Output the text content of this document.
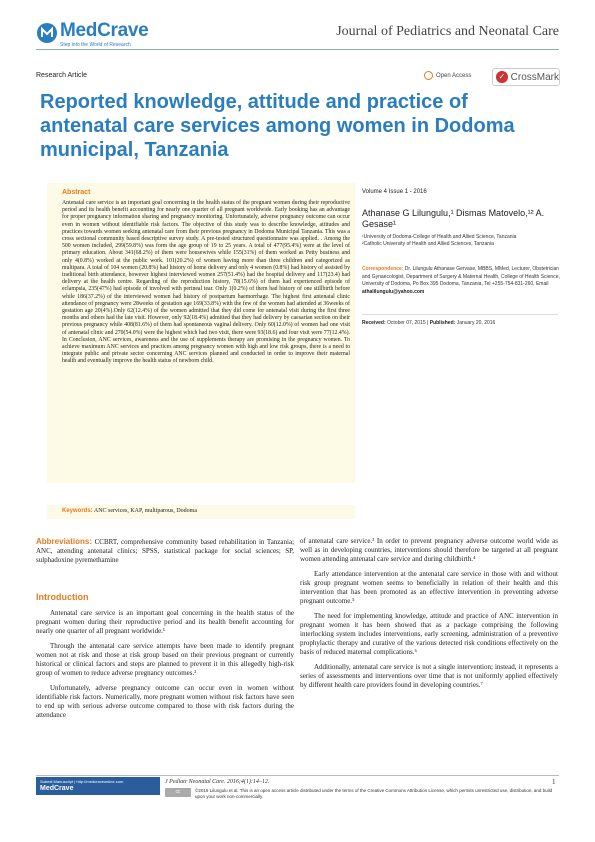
MedCrave
Step into the World of Research
Journal of Pediatrics and Neonatal Care
Research Article	Open Access	✓ CrossMark
Reported knowledge, attitude and practice of antenatal care services among women in Dodoma municipal, Tanzania
Abstract

Antenatal care service is an important goal concerning in the health status of the pregnant women during their reproductive period and its health benefit accounting for nearly one quarter of all pregnant worldwide. Early booking has an advantage for proper pregnancy information sharing and pregnancy monitoring. Unfortunately, adverse pregnancy outcome can occur even in women without identifiable risk factors. The objective of this study was to describe knowledge, attitudes and practices towards women seeking antenatal care from their previous pregnancy in Dodoma Municipal Tanzania. This was a cross sectional community based descriptive survey study. A pre-tested structured questionnaire was applied. . Among the 500 women included, 299(59.8%) was form the age group of 19 to 25 years. A total of 477(95.4%) were at the level of primary education. About 341(68.2%) of them were housewives while 155(31%) of them worked as Petty business and only 4(0.8%) worked at the public work. 101(20.2%) of women having more than three children and categorized as multipara. A total of 104 women (20.8%) had history of home delivery and only 4 women (0.8%) had history of assisted by traditional birth attendance, however highest interviewed women 257(51.4%) had the hospital delivery and 117(23.4) had delivery at the health centre. Regarding of the reproduction history, 78(15.6%) of them had experienced episode of eclampsia, 235(47%) had episode of involved with perineal tear. Only 1(0.2%) of them had history of one stillbirth before while 186(37.2%) of the interviewed women had history of postpartum haemorrhage. The highest first antenatal clinic attendance of pregnancy were 28weeks of gestation age 169(33.8%) with the few of the women had attended at 36weeks of gestation age 20(4%).Only 62(12.4%) of the women admitted that they did come for antenatal visit during the first three months and others had the late visit. However, only 92(18.4%) admitted that they had delivery by caesarian section on their previous pregnancy while 408(81.6%) of them had spontaneous vaginal delivery. Only 60(12.0%) of women had one visit of antenatal clinic and 270(54.0%) were the highest which had two visit, there were 93(18.6) and four visit were 77(12.4%). In Conclusion, ANC services, awareness and the use of supplements therapy are promising in the pregnancy women. To achieve maximum ANC services and practices among pregnancy women with high and low risk groups, there is a need to integrate public and private sector concerning ANC services planned and conducted in order to improve their maternal health and eventually improve the health status of newborn child.

Keywords: ANC services, KAP, multiparous, Dodoma
Volume 4 Issue 1 - 2016
Athanase G Lilungulu,¹ Dismas Matovelo,¹² A. Gesase¹
¹University of Dodoma-College of Health and Allied Science, Tanzania
²Catholic University of Health and Allied Sciences, Tanzania
Correspondence: Dr. Lilungulu Athanase Gervase, MBBS, MMed, Lecturer, Obstetrician and Gynaecologist, Department of Surgery & Maternal Health, College of Health Science, University of Dodoma, Po Box 395 Dodoma, Tanzania, Tel +255-754-831-260, Email athalilungulu@yahoo.com
Received: October 07, 2015 | Published: January 20, 2016
Abbreviations: CCBRT, comprehensive community based rehabilitation in Tanzania; ANC, attending antenatal clinics; SPSS, statistical package for social sciences; SP, sulphadoxine pyremethamine
Introduction

Antenatal care service is an important goal concerning in the health status of the pregnant women during their reproductive period and its health benefit accounting for nearly one quarter of all pregnant worldwide.¹

Through the antenatal care service attempts have been made to identify pregnant women not at risk and those at risk group based on their previous pregnant or currently historical or clinical factors and steps are planned to prevent it in this allegedly high-risk group of women to reduce adverse pregnancy outcomes.²

Unfortunately, adverse pregnancy outcome can occur even in women without identifiable risk factors. Numerically, more pregnant women without risk factors have seen to end up with serious adverse outcome compared to those with risk factors during the attendance

of antenatal care service.³ In order to prevent pregnancy adverse outcome world wide as well as in developing countries, interventions should therefore be targeted at all pregnant women attending antenatal care service and during childbirth.⁴

Early attendance intervention at the antenatal care service in those with and without risk group pregnant women seems to beneficially in relation of their health and this intervention that has been promoted as an effective intervention in preventing adverse pregnant outcome.⁵

The need for implementing knowledge, attitude and practice of ANC intervention in pregnant women it has been showed that as a package comprising the following interlocking system includes interventions, early screening, administration of a preventive prophylactic therapy and curative of the various detected risk conditions effectively on the basis of reduced maternal complications.⁶

Additionally, antenatal care service is not a single intervention; instead, it represents a series of assessments and interventions over time that is not uniformly applied effectively by different health care providers found in developing countries.⁷

Submit Manuscript | http://medcraveonline.com
MedCrave
J Pediatr Neonatal Care. 2016;4(1):14‒12.	1
cc	©2016 Lilungulu et al. This is an open access article distributed under the terms of the Creative Commons Attribution License, which permits unrestricted use, distribution, and build upon your work non-commercially.
